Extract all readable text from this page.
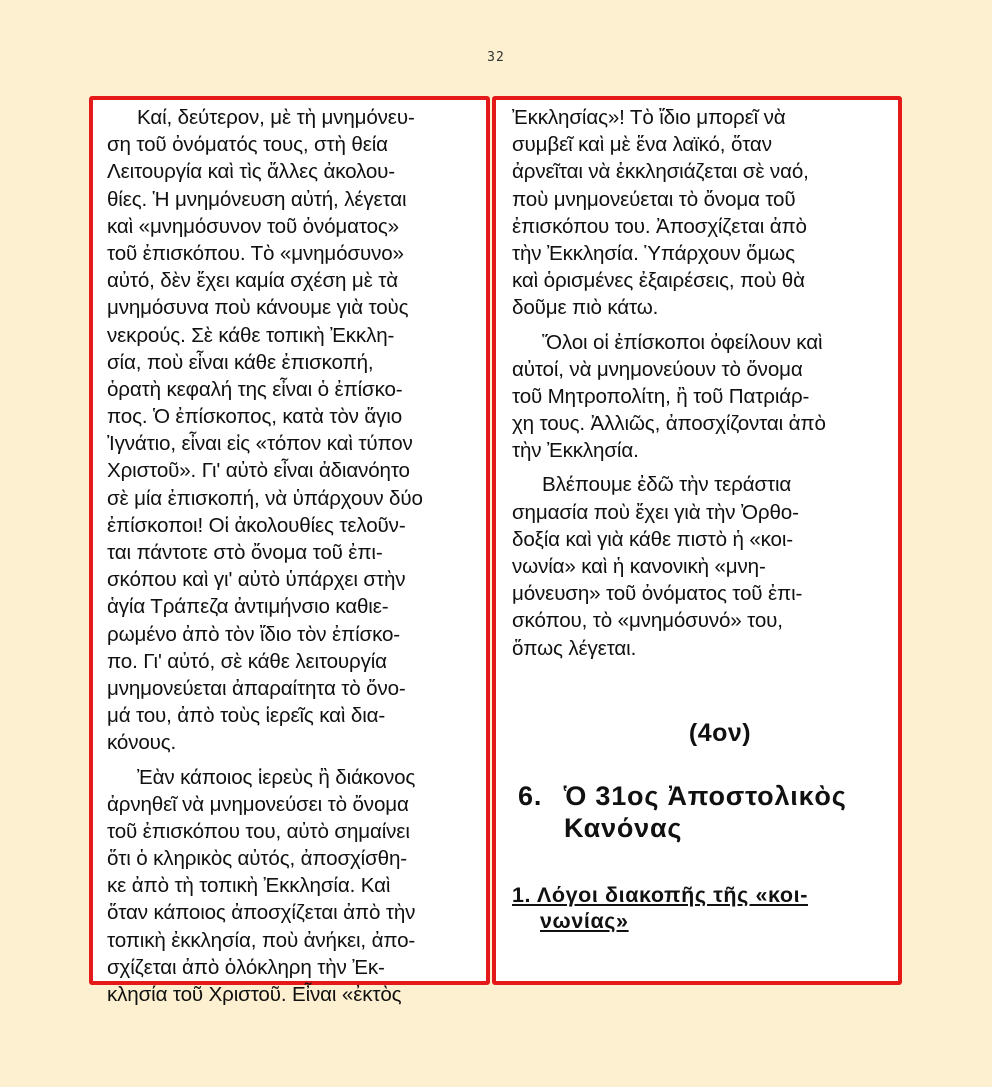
32
Καί, δεύτερον, μὲ τὴ μνημόνευ-
ση τοῦ ὀνόματός τους, στὴ θεία
Λειτουργία καὶ τὶς ἄλλες ἀκολου-
θίες. Ἡ μνημόνευση αὐτή, λέγεται
καὶ «μνημόσυνον τοῦ ὀνόματος»
τοῦ ἐπισκόπου. Τὸ «μνημόσυνο»
αὐτό, δὲν ἔχει καμία σχέση μὲ τὰ
μνημόσυνα ποὺ κάνουμε γιὰ τοὺς
νεκρούς. Σὲ κάθε τοπικὴ Ἐκκλη-
σία, ποὺ εἶναι κάθε ἐπισκοπή,
ὁρατὴ κεφαλή της εἶναι ὁ ἐπίσκο-
πος. Ὁ ἐπίσκοπος, κατὰ τὸν ἅγιο
Ἰγνάτιο, εἶναι εἰς «τόπον καὶ τύπον
Χριστοῦ». Γι' αὐτὸ εἶναι ἀδιανόητο
σὲ μία ἐπισκοπή, νὰ ὑπάρχουν δύο
ἐπίσκοποι! Οἱ ἀκολουθίες τελοῦν-
ται πάντοτε στὸ ὄνομα τοῦ ἐπι-
σκόπου καὶ γι' αὐτὸ ὑπάρχει στὴν
ἁγία Τράπεζα ἀντιμήνσιο καθιε-
ρωμένο ἀπὸ τὸν ἴδιο τὸν ἐπίσκο-
πο. Γι' αὐτό, σὲ κάθε λειτουργία
μνημονεύεται ἀπαραίτητα τὸ ὄνο-
μά του, ἀπὸ τοὺς ἱερεῖς καὶ δια-
κόνους.
Ἐὰν κάποιος ἱερεὺς ἢ διάκονος
ἀρνηθεῖ νὰ μνημονεύσει τὸ ὄνομα
τοῦ ἐπισκόπου του, αὐτὸ σημαίνει
ὅτι ὁ κληρικὸς αὐτός, ἀποσχίσθη-
κε ἀπὸ τὴ τοπικὴ Ἐκκλησία. Καὶ
ὅταν κάποιος ἀποσχίζεται ἀπὸ τὴν
τοπικὴ ἐκκλησία, ποὺ ἀνήκει, ἀπο-
σχίζεται ἀπὸ ὁλόκληρη τὴν Ἐκ-
κλησία τοῦ Χριστοῦ. Εἶναι «ἐκτὸς
Ἐκκλησίας»! Τὸ ἴδιο μπορεῖ νὰ
συμβεῖ καὶ μὲ ἕνα λαϊκό, ὅταν
ἀρνεῖται νὰ ἐκκλησιάζεται σὲ ναό,
ποὺ μνημονεύεται τὸ ὄνομα τοῦ
ἐπισκόπου του. Ἀποσχίζεται ἀπὸ
τὴν Ἐκκλησία. Ὑπάρχουν ὅμως
καὶ ὁρισμένες ἐξαιρέσεις, ποὺ θὰ
δοῦμε πιὸ κάτω.
Ὅλοι οἱ ἐπίσκοποι ὀφείλουν καὶ
αὐτοί, νὰ μνημονεύουν τὸ ὄνομα
τοῦ Μητροπολίτη, ἢ τοῦ Πατριάρ-
χη τους. Ἀλλιῶς, ἀποσχίζονται ἀπὸ
τὴν Ἐκκλησία.
Βλέπουμε ἐδῶ τὴν τεράστια
σημασία ποὺ ἔχει γιὰ τὴν Ὀρθο-
δοξία καὶ γιὰ κάθε πιστὸ ἡ «κοι-
νωνία» καὶ ἡ κανονικὴ «μνη-
μόνευση» τοῦ ὀνόματος τοῦ ἐπι-
σκόπου, τὸ «μνημόσυνό» του,
ὅπως λέγεται.
(4ον)
6. Ὁ 31ος Ἀποστολικὸς
Κανόνας
1. Λόγοι διακοπῆς τῆς «κοι-
νωνίας»
